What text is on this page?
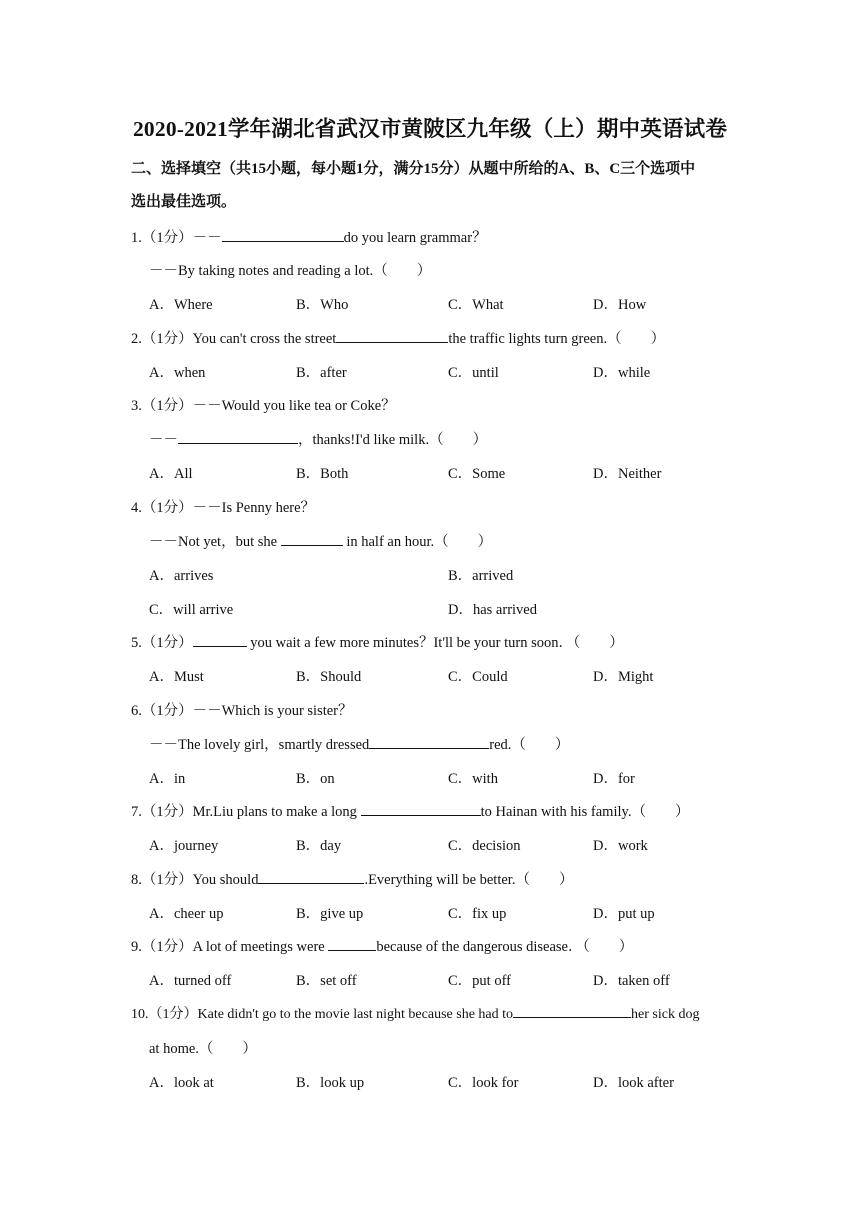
2020-2021学年湖北省武汉市黄陂区九年级（上）期中英语试卷
二、选择填空（共15小题，每小题1分，满分15分）从题中所给的A、B、C三个选项中
选出最佳选项。
1.（1分）－－	do you learn grammar？
－－By taking notes and reading a lot.（　　）
A．Where	B．Who	C．What	D．How
2.（1分）You can't cross the street	the traffic lights turn green.（　　）
A．when	B．after	C．until	D．while
3.（1分）－－Would you like tea or Coke？
－－	，thanks!I'd like milk.（　　）
A．All	B．Both	C．Some	D．Neither
4.（1分）－－Is Penny here？
－－Not yet，but she	in half an hour.（　　）
A．arrives	B．arrived
C．will arrive	D．has arrived
5.（1分）	you wait a few more minutes？It'll be your turn soon．（　　）
A．Must	B．Should	C．Could	D．Might
6.（1分）－－Which is your sister？
－－The lovely girl，smartly dressed	red.（　　）
A．in	B．on	C．with	D．for
7.（1分）Mr.Liu plans to make a long	to Hainan with his family.（　　）
A．journey	B．day	C．decision	D．work
8.（1分）You should	.Everything will be better.（　　）
A．cheer up	B．give up	C．fix up	D．put up
9.（1分）A lot of meetings were	because of the dangerous disease．（　　）
A．turned off	B．set off	C．put off	D．taken off
10.（1分）Kate didn't go to the movie last night because she had to	her sick dog
at home.（　　）
A．look at	B．look up	C．look for	D．look after
